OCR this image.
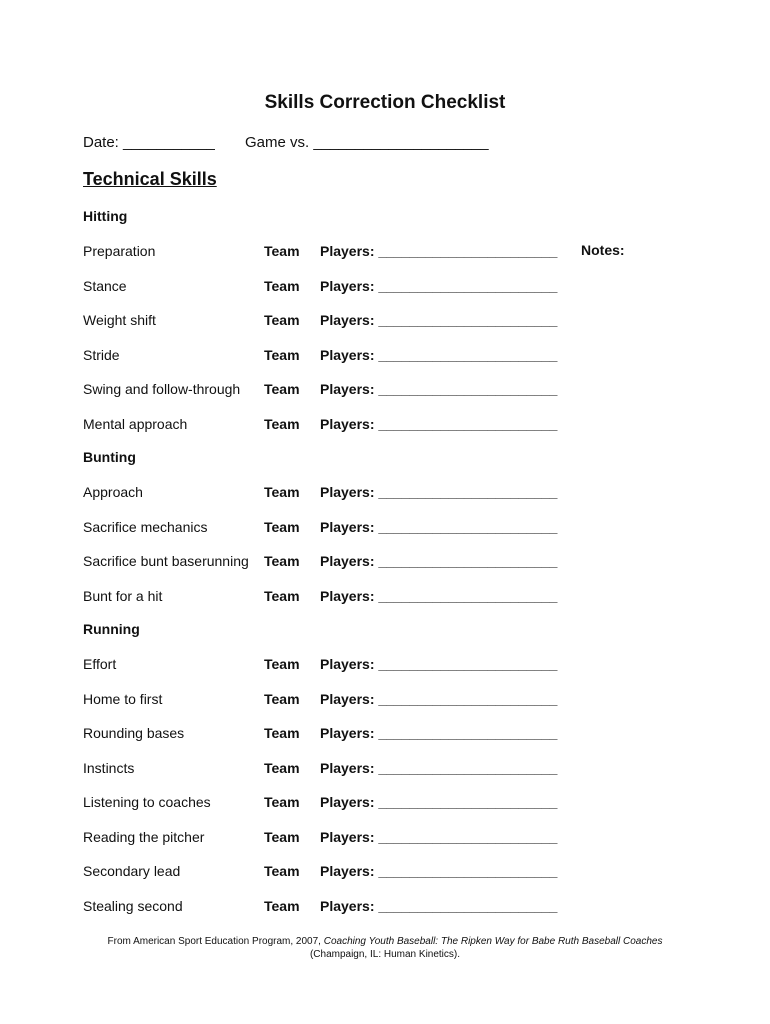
Skills Correction Checklist
Date: ___________ Game vs. _____________________
Technical Skills
Notes:
Hitting
Preparation	Team Players: _______________________
Stance	Team Players: _______________________
Weight shift	Team Players: _______________________
Stride	Team Players: _______________________
Swing and follow-through Team Players: _______________________
Mental approach	Team Players: _______________________
Bunting
Approach	Team Players: _______________________
Sacrifice mechanics	Team Players: _______________________
Sacrifice bunt baserunning Team Players: _______________________
Bunt for a hit	Team Players: _______________________
Running
Effort	Team Players: _______________________
Home to first	Team Players: _______________________
Rounding bases	Team Players: _______________________
Instincts	Team Players: _______________________
Listening to coaches	Team Players: _______________________
Reading the pitcher	Team Players: _______________________
Secondary lead	Team Players: _______________________
Stealing second	Team Players: _______________________
From American Sport Education Program, 2007, Coaching Youth Baseball: The Ripken Way for Babe Ruth Baseball Coaches
(Champaign, IL: Human Kinetics).
